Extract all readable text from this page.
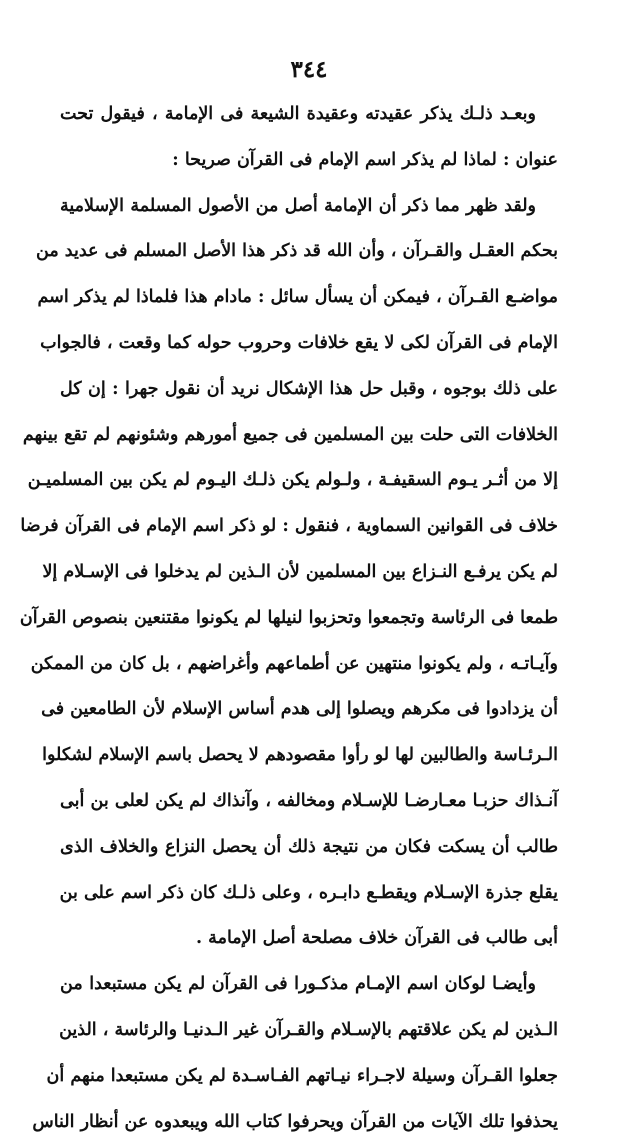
٣٤٤
وبعـد ذلـك يذكر عقيدته وعقيدة الشيعة فى الإمامة ، فيقول تحت
عنوان : لماذا لم يذكر اسم الإمام فى القرآن صريحا :
ولقد ظهر مما ذكر أن الإمامة أصل من الأصول المسلمة الإسلامية
بحكم العقـل والقـرآن ، وأن الله قد ذكر هذا الأصل المسلم فى عديد من
مواضـع القـرآن ، فيمكن أن يسأل سائل : مادام هذا فلماذا لم يذكر اسم
الإمام فى القرآن لكى لا يقع خلافات وحروب حوله كما وقعت ، فالجواب
على ذلك بوجوه ، وقبل حل هذا الإشكال نريد أن نقول جهرا : إن كل
الخلافات التى حلت بين المسلمين فى جميع أمورهم وشئونهم لم تقع بينهم
إلا من أثـر يـوم السقيفـة ، ولـولم يكن ذلـك اليـوم لم يكن بين المسلميـن
خلاف فى القوانين السماوية ، فنقول : لو ذكر اسم الإمام فى القرآن فرضا
لم يكن يرفـع النـزاع بين المسلمين لأن الـذين لم يدخلوا فى الإسـلام إلا
طمعا فى الرئاسة وتجمعوا وتحزبوا لنيلها لم يكونوا مقتنعين بنصوص القرآن
وآيـاتـه ، ولم يكونوا منتهين عن أطماعهم وأغراضهم ، بل كان من الممكن
أن يزدادوا فى مكرهم ويصلوا إلى هدم أساس الإسلام لأن الطامعين فى
الـرئـاسة والطالبين لها لو رأوا مقصودهم لا يحصل باسم الإسلام لشكلوا
آنـذاك حزبـا معـارضـا للإسـلام ومخالفه ، وآنذاك لم يكن لعلى بن أبى
طالب أن يسكت فكان من نتيجة ذلك أن يحصل النزاع والخلاف الذى
يقلع جذرة الإسـلام ويقطـع دابـره ، وعلى ذلـك كان ذكر اسم على بن
أبى طالب فى القرآن خلاف مصلحة أصل الإمامة .
وأيضـا لوكان اسم الإمـام مذكـورا فى القرآن لم يكن مستبعدا من
الـذين لم يكن علاقتهم بالإسـلام والقـرآن غير الـدنيـا والرئاسة ، الذين
جعلوا القـرآن وسيلة لاجـراء نيـاتهم الفـاسـدة لم يكن مستبعدا منهم أن
يحذفوا تلك الآيات من القرآن ويحرفوا كتاب الله ويبعدوه عن أنظار الناس
